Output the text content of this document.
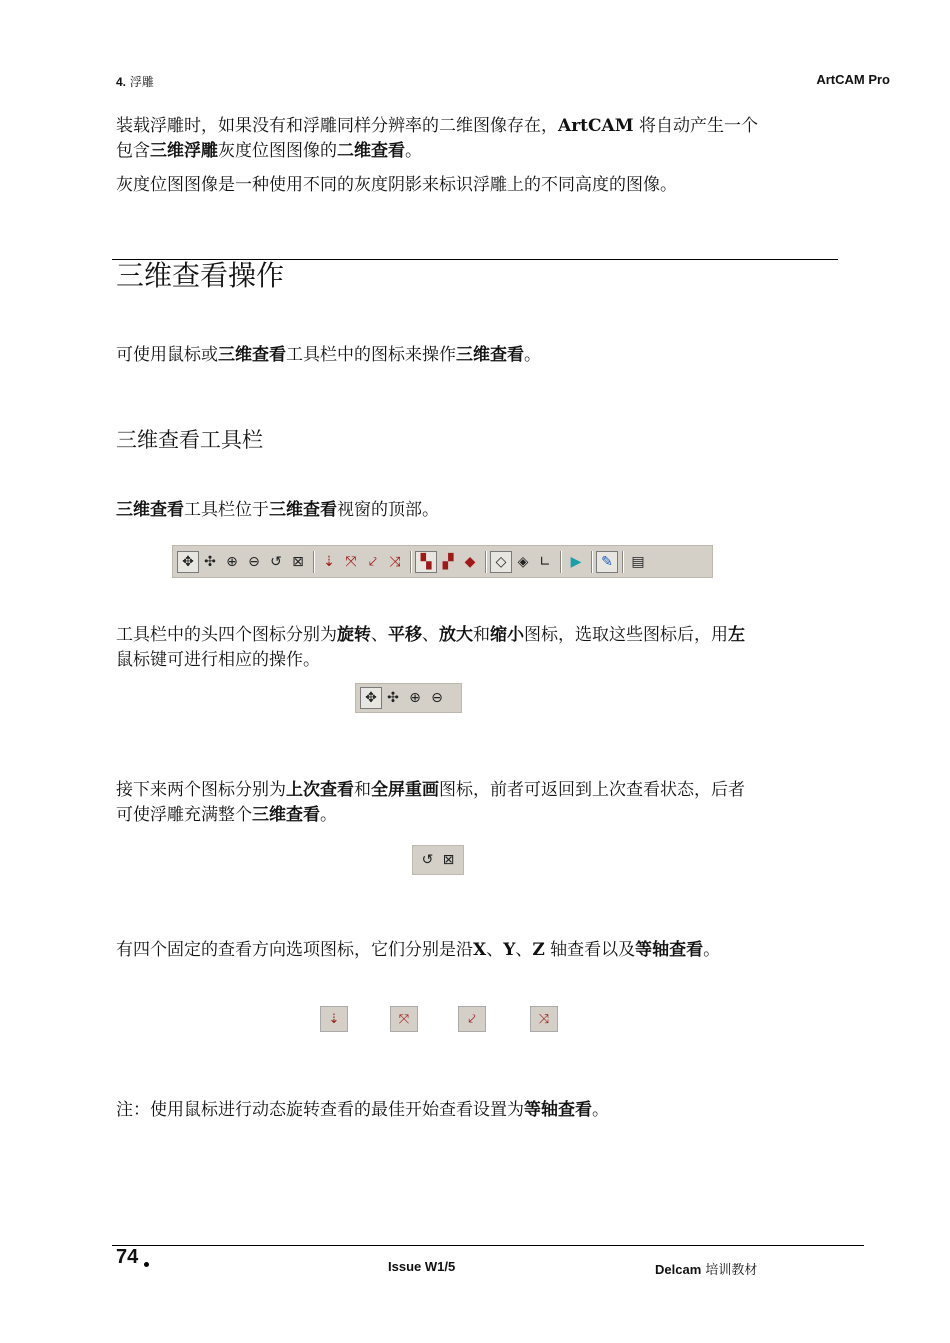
4. 浮雕	ArtCAM Pro
装载浮雕时，如果没有和浮雕同样分辨率的二维图像存在，ArtCAM 将自动产生一个
包含三维浮雕灰度位图图像的二维查看。
灰度位图图像是一种使用不同的灰度阴影来标识浮雕上的不同高度的图像。
三维查看操作
可使用鼠标或三维查看工具栏中的图标来操作三维查看。
三维查看工具栏
三维查看工具栏位于三维查看视窗的顶部。
✥ ✣ ⊕ ⊖ ↺ ⊠	⇣ ⤧ ⤦ ⤨	▚ ▞ ◆	◇ ◈ ∟	▶	✎	▤
工具栏中的头四个图标分别为旋转、平移、放大和缩小图标，选取这些图标后，用左
鼠标键可进行相应的操作。
✥ ✣ ⊕ ⊖
接下来两个图标分别为上次查看和全屏重画图标，前者可返回到上次查看状态，后者
可使浮雕充满整个三维查看。
↺ ⊠
有四个固定的查看方向选项图标，它们分别是沿X、Y、Z 轴查看以及等轴查看。
⇣	⤧	⤦	⤨
注：使用鼠标进行动态旋转查看的最佳开始查看设置为等轴查看。
74	Issue W1/5	Delcam 培训教材
